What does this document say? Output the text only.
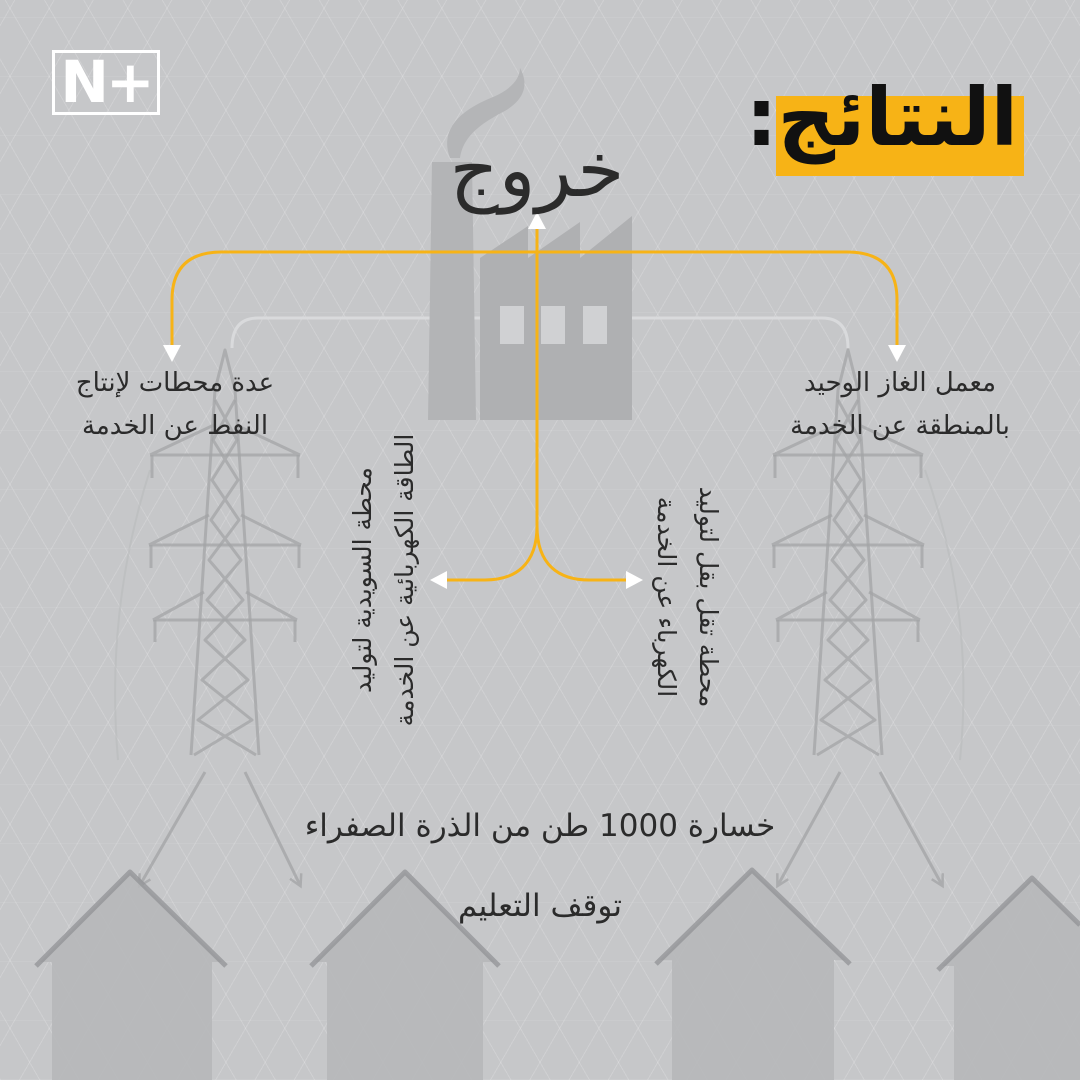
N+	النتائج:
خروج
عدة محطات لإنتاج
النفط عن الخدمة
معمل الغاز الوحيد
بالمنطقة عن الخدمة
محطة السويدية لتوليد الطاقة الكهربائية عن الخدمة	محطة تقل بقل لتوليد
الكهرباء عن الخدمة
خسارة 1000 طن من الذرة الصفراء
توقف التعليم
